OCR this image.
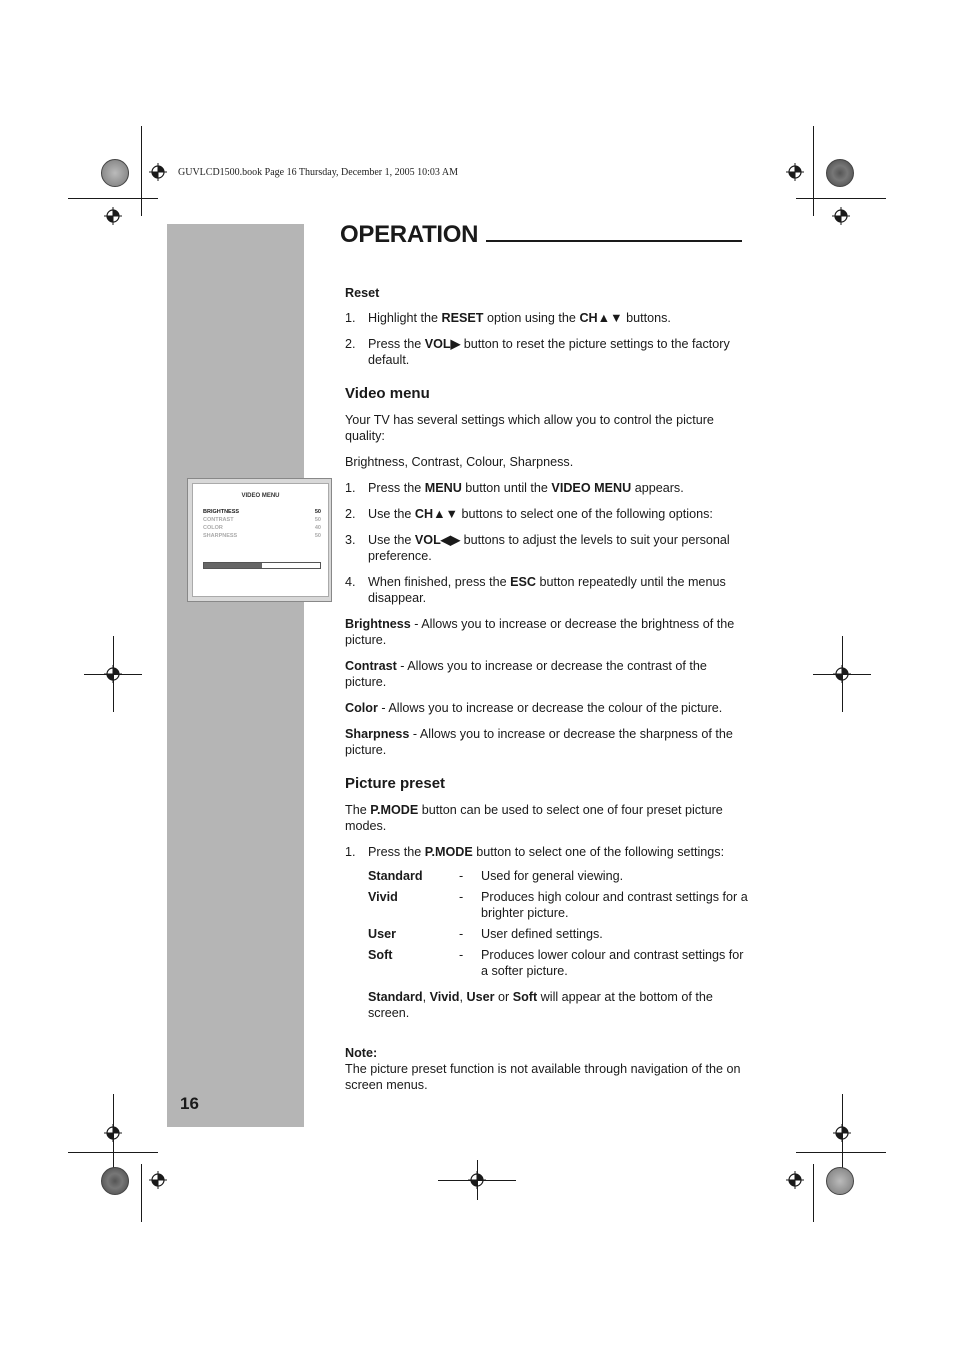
GUVLCD1500.book Page 16 Thursday, December 1, 2005 10:03 AM
16
OPERATION
VIDEO MENU
BRIGHTNESS	50
CONTRAST	50
COLOR	40
SHARPNESS	50
Reset
1. Highlight the RESET option using the CH▲▼ buttons.
2. Press the VOL▶ button to reset the picture settings to the factory default.
Video menu

Your TV has several settings which allow you to control the picture quality:

Brightness, Contrast, Colour, Sharpness.

1. Press the MENU button until the VIDEO MENU appears.
2. Use the CH▲▼ buttons to select one of the following options:
3. Use the VOL◀▶ buttons to adjust the levels to suit your personal preference.
4. When finished, press the ESC button repeatedly until the menus disappear.

Brightness - Allows you to increase or decrease the brightness of the picture.

Contrast - Allows you to increase or decrease the contrast of the picture.

Color - Allows you to increase or decrease the colour of the picture.

Sharpness - Allows you to increase or decrease the sharpness of the picture.

Picture preset

The P.MODE button can be used to select one of four preset picture modes.

1. Press the P.MODE button to select one of the following settings:
Standard	-	Used for general viewing.
Vivid	-	Produces high colour and contrast settings for a brighter picture.
User	-	User defined settings.
Soft	-	Produces lower colour and contrast settings for a softer picture.

Standard, Vivid, User or Soft will appear at the bottom of the screen.

Note:

The picture preset function is not available through navigation of the on screen menus.
